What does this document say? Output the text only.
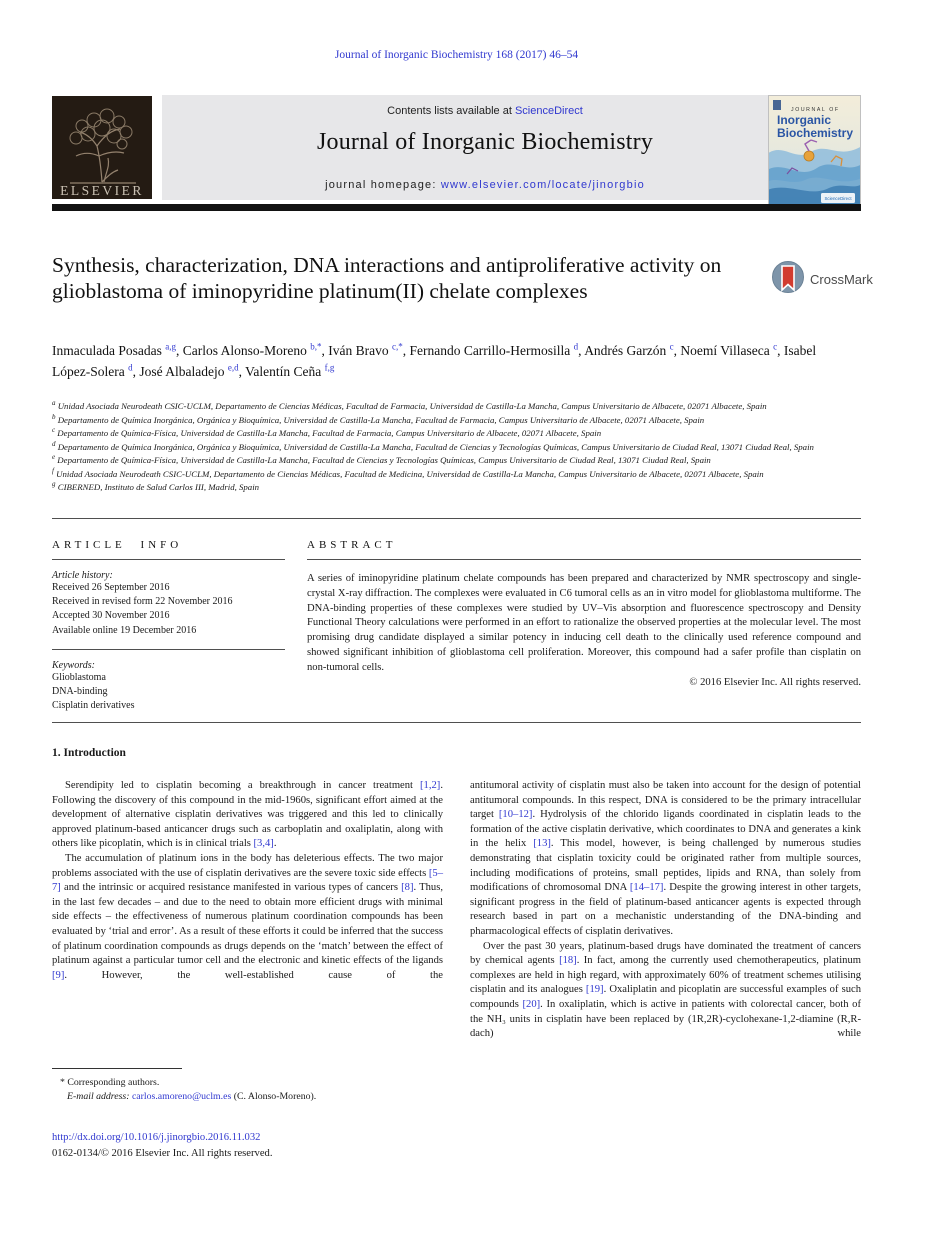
Journal of Inorganic Biochemistry 168 (2017) 46–54
ELSEVIER
Contents lists available at ScienceDirect
Journal of Inorganic Biochemistry
journal homepage: www.elsevier.com/locate/jinorgbio
JOURNAL OF
Inorganic
Biochemistry
ScienceDirect
Synthesis, characterization, DNA interactions and antiproliferative activity on glioblastoma of iminopyridine platinum(II) chelate complexes
CrossMark
Inmaculada Posadas $^{a,g}$, Carlos Alonso-Moreno $^{b,*}$, Iván Bravo $^{c,*}$, Fernando Carrillo-Hermosilla $^d$, Andrés Garzón $^c$, Noemí Villaseca $^c$, Isabel López-Solera $^d$, José Albaladejo $^{e,d}$, Valentín Ceña $^{f,g}$
$^a$ Unidad Asociada Neurodeath CSIC-UCLM, Departamento de Ciencias Médicas, Facultad de Farmacia, Universidad de Castilla-La Mancha, Campus Universitario de Albacete, 02071 Albacete, Spain
$^b$ Departamento de Química Inorgánica, Orgánica y Bioquímica, Universidad de Castilla-La Mancha, Facultad de Farmacia, Campus Universitario de Albacete, 02071 Albacete, Spain
$^c$ Departamento de Química-Física, Universidad de Castilla-La Mancha, Facultad de Farmacia, Campus Universitario de Albacete, 02071 Albacete, Spain
$^d$ Departamento de Química Inorgánica, Orgánica y Bioquímica, Universidad de Castilla-La Mancha, Facultad de Ciencias y Tecnologías Químicas, Campus Universitario de Ciudad Real, 13071 Ciudad Real, Spain
$^e$ Departamento de Química-Física, Universidad de Castilla-La Mancha, Facultad de Ciencias y Tecnologías Químicas, Campus Universitario de Ciudad Real, 13071 Ciudad Real, Spain
$^f$ Unidad Asociada Neurodeath CSIC-UCLM, Departamento de Ciencias Médicas, Facultad de Medicina, Universidad de Castilla-La Mancha, Campus Universitario de Albacete, 02071 Albacete, Spain
$^g$ CIBERNED, Instituto de Salud Carlos III, Madrid, Spain
ARTICLE INFO
Article history:
Received 26 September 2016
Received in revised form 22 November 2016
Accepted 30 November 2016
Available online 19 December 2016
Keywords:
Glioblastoma
DNA-binding
Cisplatin derivatives
ABSTRACT

A series of iminopyridine platinum chelate compounds has been prepared and characterized by NMR spectroscopy and single-crystal X-ray diffraction. The complexes were evaluated in C6 tumoral cells as an in vitro model for glioblastoma multiforme. The DNA-binding properties of these complexes were studied by UV–Vis absorption and fluorescence spectroscopy and Density Functional Theory calculations were performed in an effort to rationalize the observed properties at the molecular level. The most promising drug candidate displayed a similar potency in inducing cell death to the clinically used reference compound and showed significant inhibition of glioblastoma cell proliferation. Moreover, this compound had a safer profile than cisplatin on non-tumoral cells.

© 2016 Elsevier Inc. All rights reserved.
1. Introduction

Serendipity led to cisplatin becoming a breakthrough in cancer treatment [1,2]. Following the discovery of this compound in the mid-1960s, significant effort aimed at the development of alternative cisplatin derivatives was triggered and this led to clinically approved platinum-based anticancer drugs such as carboplatin and oxaliplatin, along with others like picoplatin, which is in clinical trials [3,4].

The accumulation of platinum ions in the body has deleterious effects. The two major problems associated with the use of cisplatin derivatives are the severe toxic side effects [5–7] and the intrinsic or acquired resistance manifested in various types of cancers [8]. Thus, in the last few decades – and due to the need to obtain more efficient drugs with minimal side effects – the effectiveness of numerous platinum coordination compounds has been evaluated by ‘trial and error’. As a result of these efforts it could be inferred that the success of platinum coordination compounds as drugs depends on the ‘match’ between the effect of platinum against a particular tumor cell and the electronic and kinetic effects of the ligands [9]. However, the well-established cause of the

antitumoral activity of cisplatin must also be taken into account for the design of potential antitumoral compounds. In this respect, DNA is considered to be the primary intracellular target [10–12]. Hydrolysis of the chlorido ligands coordinated in cisplatin leads to the formation of the active cisplatin derivative, which coordinates to DNA and generates a kink in the helix [13]. This model, however, is being challenged by numerous studies demonstrating that cisplatin toxicity could be originated rather from multiple sources, including modifications of proteins, small peptides, lipids and RNA, than solely from modifications of chromosomal DNA [14–17]. Despite the growing interest in other targets, significant progress in the field of platinum-based anticancer agents is expected through research based in part on a mechanistic understanding of the DNA-binding and pharmacological effects of cisplatin derivatives.

Over the past 30 years, platinum-based drugs have dominated the treatment of cancers by chemical agents [18]. In fact, among the currently used chemotherapeutics, platinum complexes are held in high regard, with approximately 60% of treatment schemes utilising cisplatin and its analogues [19]. Oxaliplatin and picoplatin are successful examples of such compounds [20]. In oxaliplatin, which is active in patients with colorectal cancer, both of the NH₃ units in cisplatin have been replaced by (1R,2R)-cyclohexane-1,2-diamine (R,R-dach) while

* Corresponding authors.
E-mail address: carlos.amoreno@uclm.es (C. Alonso-Moreno).
http://dx.doi.org/10.1016/j.jinorgbio.2016.11.032
0162-0134/© 2016 Elsevier Inc. All rights reserved.
